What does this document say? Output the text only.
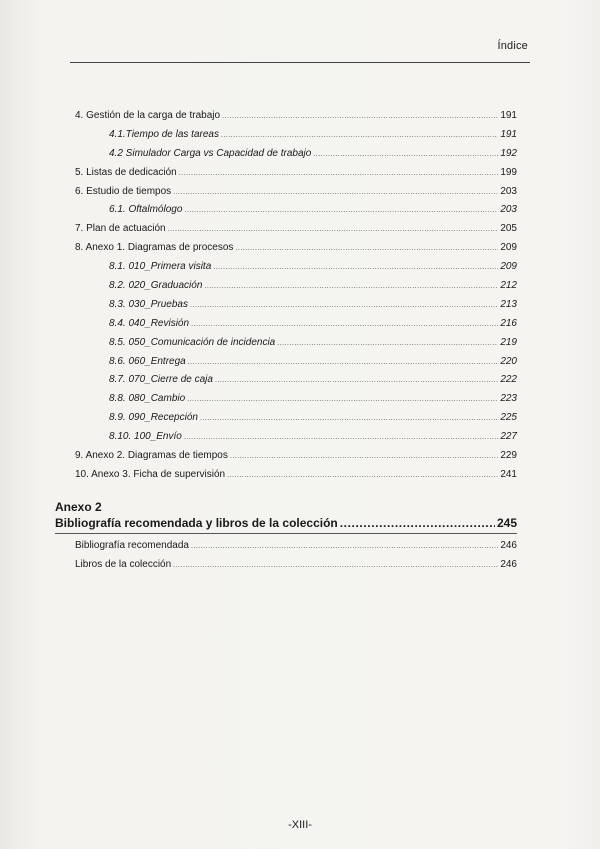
Índice
4. Gestión de la carga de trabajo .....	191
4.1.Tiempo de las tareas .....	191
4.2 Simulador Carga vs Capacidad de trabajo .....	192
5. Listas de dedicación .....	199
6. Estudio de tiempos .....	203
6.1. Oftalmólogo .....	203
7. Plan de actuación .....	205
8. Anexo 1. Diagramas de procesos .....	209
8.1. 010_Primera visita .....	209
8.2. 020_Graduación .....	212
8.3. 030_Pruebas .....	213
8.4. 040_Revisión .....	216
8.5. 050_Comunicación de incidencia .....	219
8.6. 060_Entrega .....	220
8.7. 070_Cierre de caja .....	222
8.8. 080_Cambio .....	223
8.9. 090_Recepción .....	225
8.10. 100_Envío .....	227
9. Anexo 2. Diagramas de tiempos .....	229
10. Anexo 3. Ficha de supervisión .....	241
Anexo 2
Bibliografía recomendada y libros de la colección .....	245
Bibliografía recomendada .....	246
Libros de la colección .....	246
-XIII-
